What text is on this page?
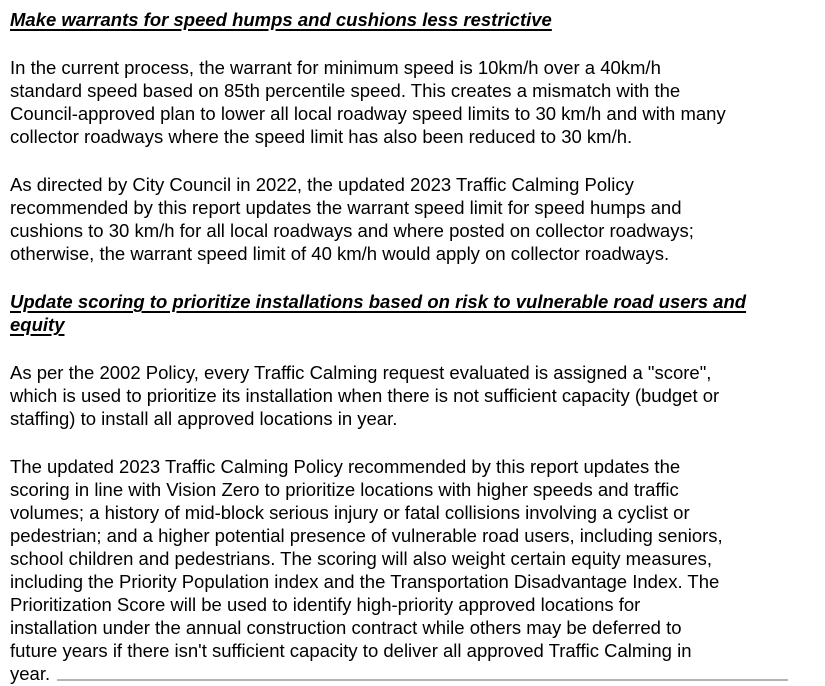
Make warrants for speed humps and cushions less restrictive
In the current process, the warrant for minimum speed is 10km/h over a 40km/h
standard speed based on 85th percentile speed. This creates a mismatch with the
Council-approved plan to lower all local roadway speed limits to 30 km/h and with many
collector roadways where the speed limit has also been reduced to 30 km/h.
As directed by City Council in 2022, the updated 2023 Traffic Calming Policy
recommended by this report updates the warrant speed limit for speed humps and
cushions to 30 km/h for all local roadways and where posted on collector roadways;
otherwise, the warrant speed limit of 40 km/h would apply on collector roadways.
Update scoring to prioritize installations based on risk to vulnerable road users and
equity
As per the 2002 Policy, every Traffic Calming request evaluated is assigned a "score",
which is used to prioritize its installation when there is not sufficient capacity (budget or
staffing) to install all approved locations in year.
The updated 2023 Traffic Calming Policy recommended by this report updates the
scoring in line with Vision Zero to prioritize locations with higher speeds and traffic
volumes; a history of mid-block serious injury or fatal collisions involving a cyclist or
pedestrian; and a higher potential presence of vulnerable road users, including seniors,
school children and pedestrians. The scoring will also weight certain equity measures,
including the Priority Population index and the Transportation Disadvantage Index. The
Prioritization Score will be used to identify high-priority approved locations for
installation under the annual construction contract while others may be deferred to
future years if there isn't sufficient capacity to deliver all approved Traffic Calming in
year.
